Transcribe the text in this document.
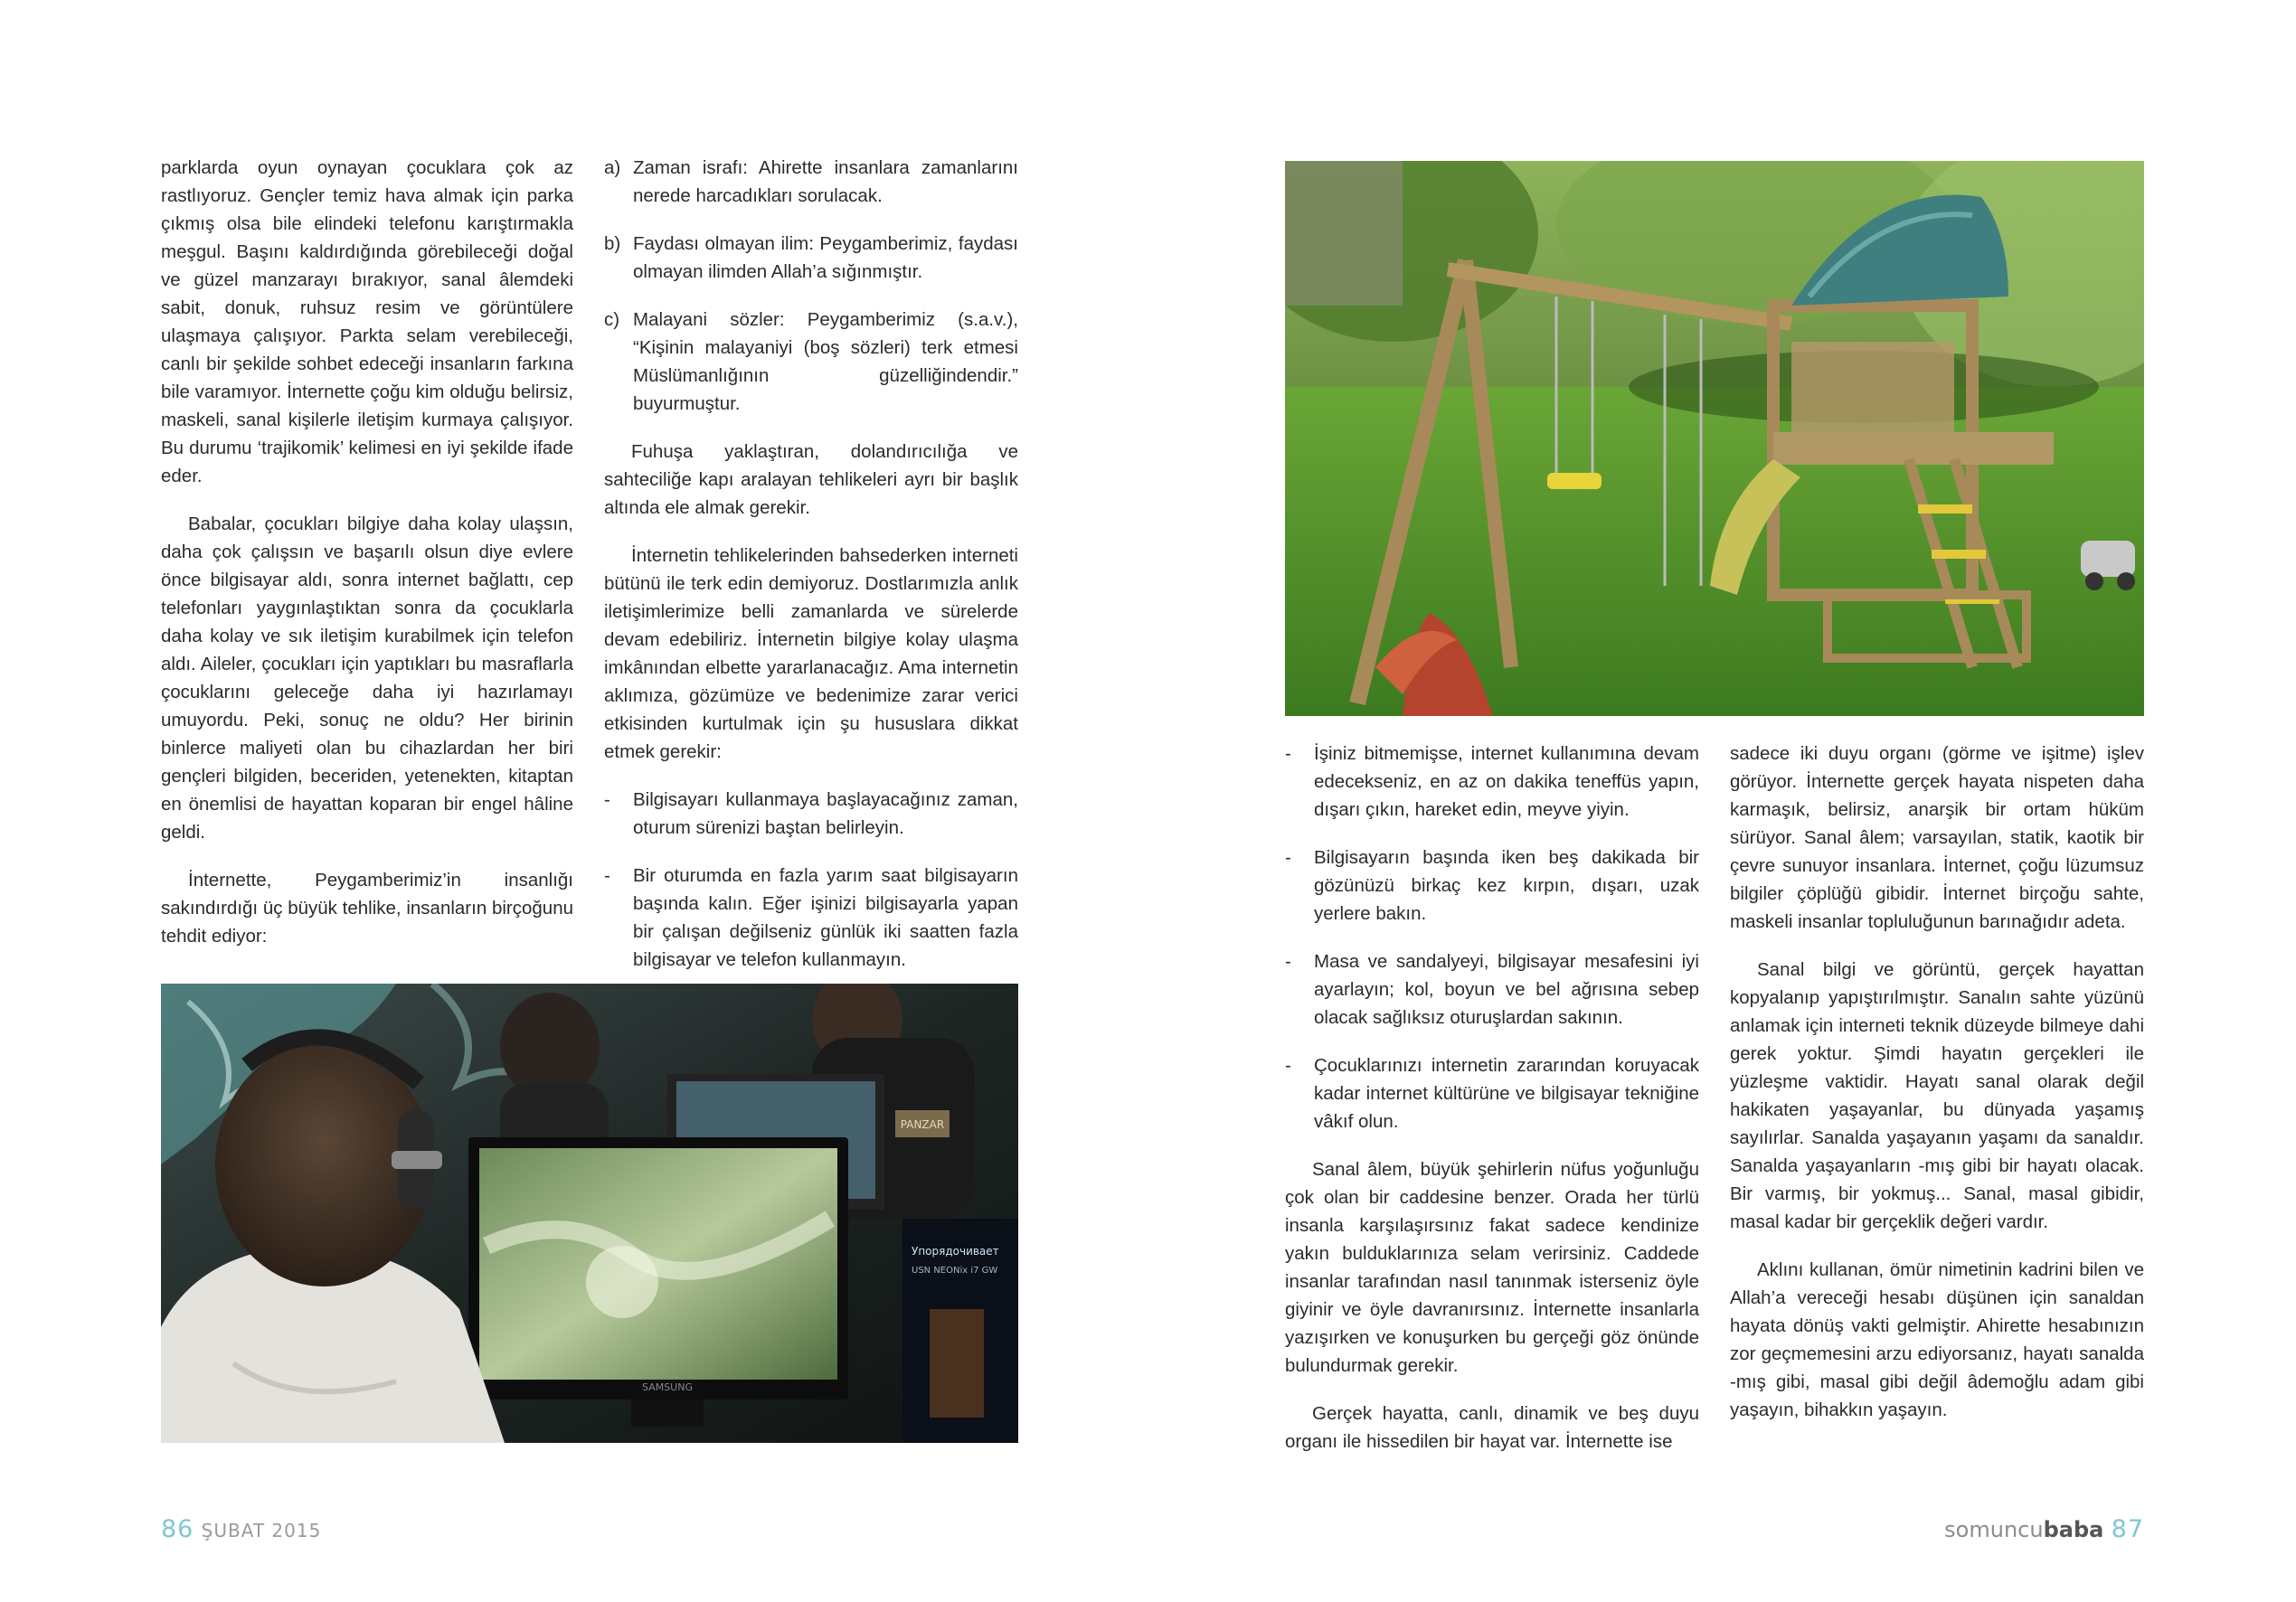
parklarda oyun oynayan çocuklara çok az rastlıyoruz. Gençler temiz hava almak için parka çıkmış olsa bile elindeki telefonu karıştırmakla meşgul. Başını kaldırdığında görebileceği doğal ve güzel manzarayı bırakıyor, sanal âlemdeki sabit, donuk, ruhsuz resim ve görüntülere ulaşmaya çalışıyor. Parkta selam verebileceği, canlı bir şekilde sohbet edeceği insanların farkına bile varamıyor. İnternette çoğu kim olduğu belirsiz, maskeli, sanal kişilerle iletişim kurmaya çalışıyor. Bu durumu ‘trajikomik’ kelimesi en iyi şekilde ifade eder.

Babalar, çocukları bilgiye daha kolay ulaşsın, daha çok çalışsın ve başarılı olsun diye evlere önce bilgisayar aldı, sonra internet bağlattı, cep telefonları yaygınlaştıktan sonra da çocuklarla daha kolay ve sık iletişim kurabilmek için telefon aldı. Aileler, çocukları için yaptıkları bu masraflarla çocuklarını geleceğe daha iyi hazırlamayı umuyordu. Peki, sonuç ne oldu? Her birinin binlerce maliyeti olan bu cihazlardan her biri gençleri bilgiden, beceriden, yetenekten, kitaptan en önemlisi de hayattan koparan bir engel hâline geldi.

İnternette, Peygamberimiz’in insanlığı sakındırdığı üç büyük tehlike, insanların birçoğunu tehdit ediyor:

a) Zaman israfı: Ahirette insanlara zamanlarını nerede harcadıkları sorulacak.
b) Faydası olmayan ilim: Peygamberimiz, faydası olmayan ilimden Allah’a sığınmıştır.
c) Malayani sözler: Peygamberimiz (s.a.v.), “Kişinin malayaniyi (boş sözleri) terk etmesi Müslümanlığının güzelliğindendir.” buyurmuştur.

Fuhuşa yaklaştıran, dolandırıcılığa ve sahteciliğe kapı aralayan tehlikeleri ayrı bir başlık altında ele almak gerekir.

İnternetin tehlikelerinden bahsederken interneti bütünü ile terk edin demiyoruz. Dostlarımızla anlık iletişimlerimize belli zamanlarda ve sürelerde devam edebiliriz. İnternetin bilgiye kolay ulaşma imkânından elbette yararlanacağız. Ama internetin aklımıza, gözümüze ve bedenimize zarar verici etkisinden kurtulmak için şu hususlara dikkat etmek gerekir:

- Bilgisayarı kullanmaya başlayacağınız zaman, oturum sürenizi baştan belirleyin.
- Bir oturumda en fazla yarım saat bilgisayarın başında kalın. Eğer işinizi bilgisayarla yapan bir çalışan değilseniz günlük iki saatten fazla bilgisayar ve telefon kullanmayın.
PANZAR
SAMSUNG
Упорядочивает
USN NEONix i7 GW
- İşiniz bitmemişse, internet kullanımına devam edecekseniz, en az on dakika teneffüs yapın, dışarı çıkın, hareket edin, meyve yiyin.
- Bilgisayarın başında iken beş dakikada bir gözünüzü birkaç kez kırpın, dışarı, uzak yerlere bakın.
- Masa ve sandalyeyi, bilgisayar mesafesini iyi ayarlayın; kol, boyun ve bel ağrısına sebep olacak sağlıksız oturuşlardan sakının.
- Çocuklarınızı internetin zararından koruyacak kadar internet kültürüne ve bilgisayar tekniğine vâkıf olun.

Sanal âlem, büyük şehirlerin nüfus yoğunluğu çok olan bir caddesine benzer. Orada her türlü insanla karşılaşırsınız fakat sadece kendinize yakın bulduklarınıza selam verirsiniz. Caddede insanlar tarafından nasıl tanınmak isterseniz öyle giyinir ve öyle davranırsınız. İnternette insanlarla yazışırken ve konuşurken bu gerçeği göz önünde bulundurmak gerekir.

Gerçek hayatta, canlı, dinamik ve beş duyu organı ile hissedilen bir hayat var. İnternette ise

sadece iki duyu organı (görme ve işitme) işlev görüyor. İnternette gerçek hayata nispeten daha karmaşık, belirsiz, anarşik bir ortam hüküm sürüyor. Sanal âlem; varsayılan, statik, kaotik bir çevre sunuyor insanlara. İnternet, çoğu lüzumsuz bilgiler çöplüğü gibidir. İnternet birçoğu sahte, maskeli insanlar topluluğunun barınağıdır adeta.

Sanal bilgi ve görüntü, gerçek hayattan kopyalanıp yapıştırılmıştır. Sanalın sahte yüzünü anlamak için interneti teknik düzeyde bilmeye dahi gerek yoktur. Şimdi hayatın gerçekleri ile yüzleşme vaktidir. Hayatı sanal olarak değil hakikaten yaşayanlar, bu dünyada yaşamış sayılırlar. Sanalda yaşayanın yaşamı da sanaldır. Sanalda yaşayanların -mış gibi bir hayatı olacak. Bir varmış, bir yokmuş... Sanal, masal gibidir, masal kadar bir gerçeklik değeri vardır.

Aklını kullanan, ömür nimetinin kadrini bilen ve Allah’a vereceği hesabı düşünen için sanaldan hayata dönüş vakti gelmiştir. Ahirette hesabınızın zor geçmemesini arzu ediyorsanız, hayatı sanalda -mış gibi, masal gibi değil âdemoğlu adam gibi yaşayın, bihakkın yaşayın.

86 ŞUBAT 2015	somuncubaba 87
